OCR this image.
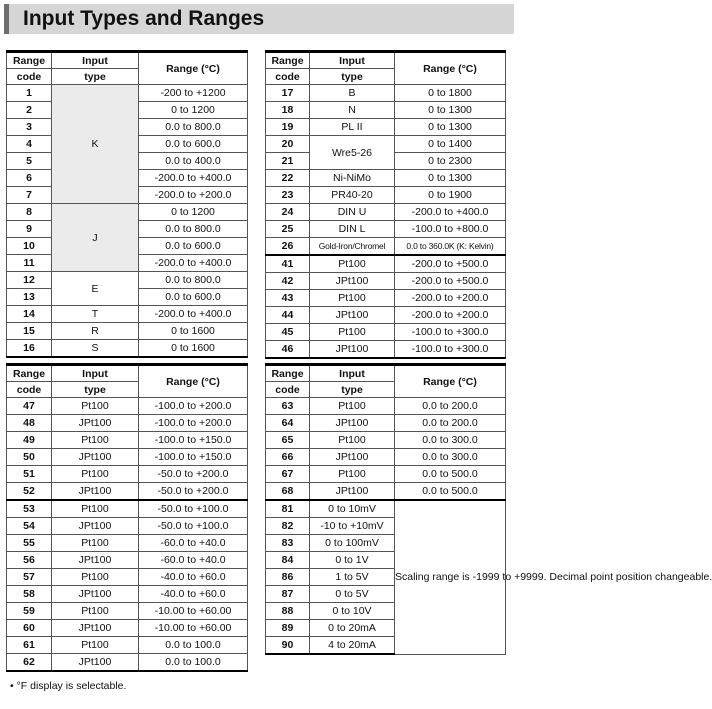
Input Types and Ranges
Range	Input	Range (°C)
code	type	
1	K	-200 to +1200
2		0 to 1200
3		0.0 to 800.0
4		0.0 to 600.0
5		0.0 to 400.0
6		-200.0 to +400.0
7		-200.0 to +200.0
8	J	0 to 1200
9		0.0 to 800.0
10		0.0 to 600.0
11		-200.0 to +400.0
12	E	0.0 to 800.0
13		0.0 to 600.0
14	T	-200.0 to +400.0
15	R	0 to 1600
16	S	0 to 1600
Range	Input	Range (°C)
code	type	
17	B	0 to 1800
18	N	0 to 1300
19	PL II	0 to 1300
20	Wre5-26	0 to 1400
21		0 to 2300
22	Ni-NiMo	0 to 1300
23	PR40-20	0 to 1900
24	DIN U	-200.0 to +400.0
25	DIN L	-100.0 to +800.0
26	Gold-Iron/Chromel	0.0 to 360.0K (K: Kelvin)
41	Pt100	-200.0 to +500.0
42	JPt100	-200.0 to +500.0
43	Pt100	-200.0 to +200.0
44	JPt100	-200.0 to +200.0
45	Pt100	-100.0 to +300.0
46	JPt100	-100.0 to +300.0
Range	Input	Range (°C)
code	type	
47	Pt100	-100.0 to +200.0
48	JPt100	-100.0 to +200.0
49	Pt100	-100.0 to +150.0
50	JPt100	-100.0 to +150.0
51	Pt100	-50.0 to +200.0
52	JPt100	-50.0 to +200.0
53	Pt100	-50.0 to +100.0
54	JPt100	-50.0 to +100.0
55	Pt100	-60.0 to +40.0
56	JPt100	-60.0 to +40.0
57	Pt100	-40.0 to +60.0
58	JPt100	-40.0 to +60.0
59	Pt100	-10.00 to +60.00
60	JPt100	-10.00 to +60.00
61	Pt100	0.0 to 100.0
62	JPt100	0.0 to 100.0
Range	Input	Range (°C)
code	type	
63	Pt100	0.0 to 200.0
64	JPt100	0.0 to 200.0
65	Pt100	0.0 to 300.0
66	JPt100	0.0 to 300.0
67	Pt100	0.0 to 500.0
68	JPt100	0.0 to 500.0
81	0 to 10mV	Scaling range is -1999 to +9999. Decimal point position changeable.
82	-10 to +10mV	
83	0 to 100mV	
84	0 to 1V	
86	1 to 5V	
87	0 to 5V	
88	0 to 10V	
89	0 to 20mA	
90	4 to 20mA	
• °F display is selectable.
